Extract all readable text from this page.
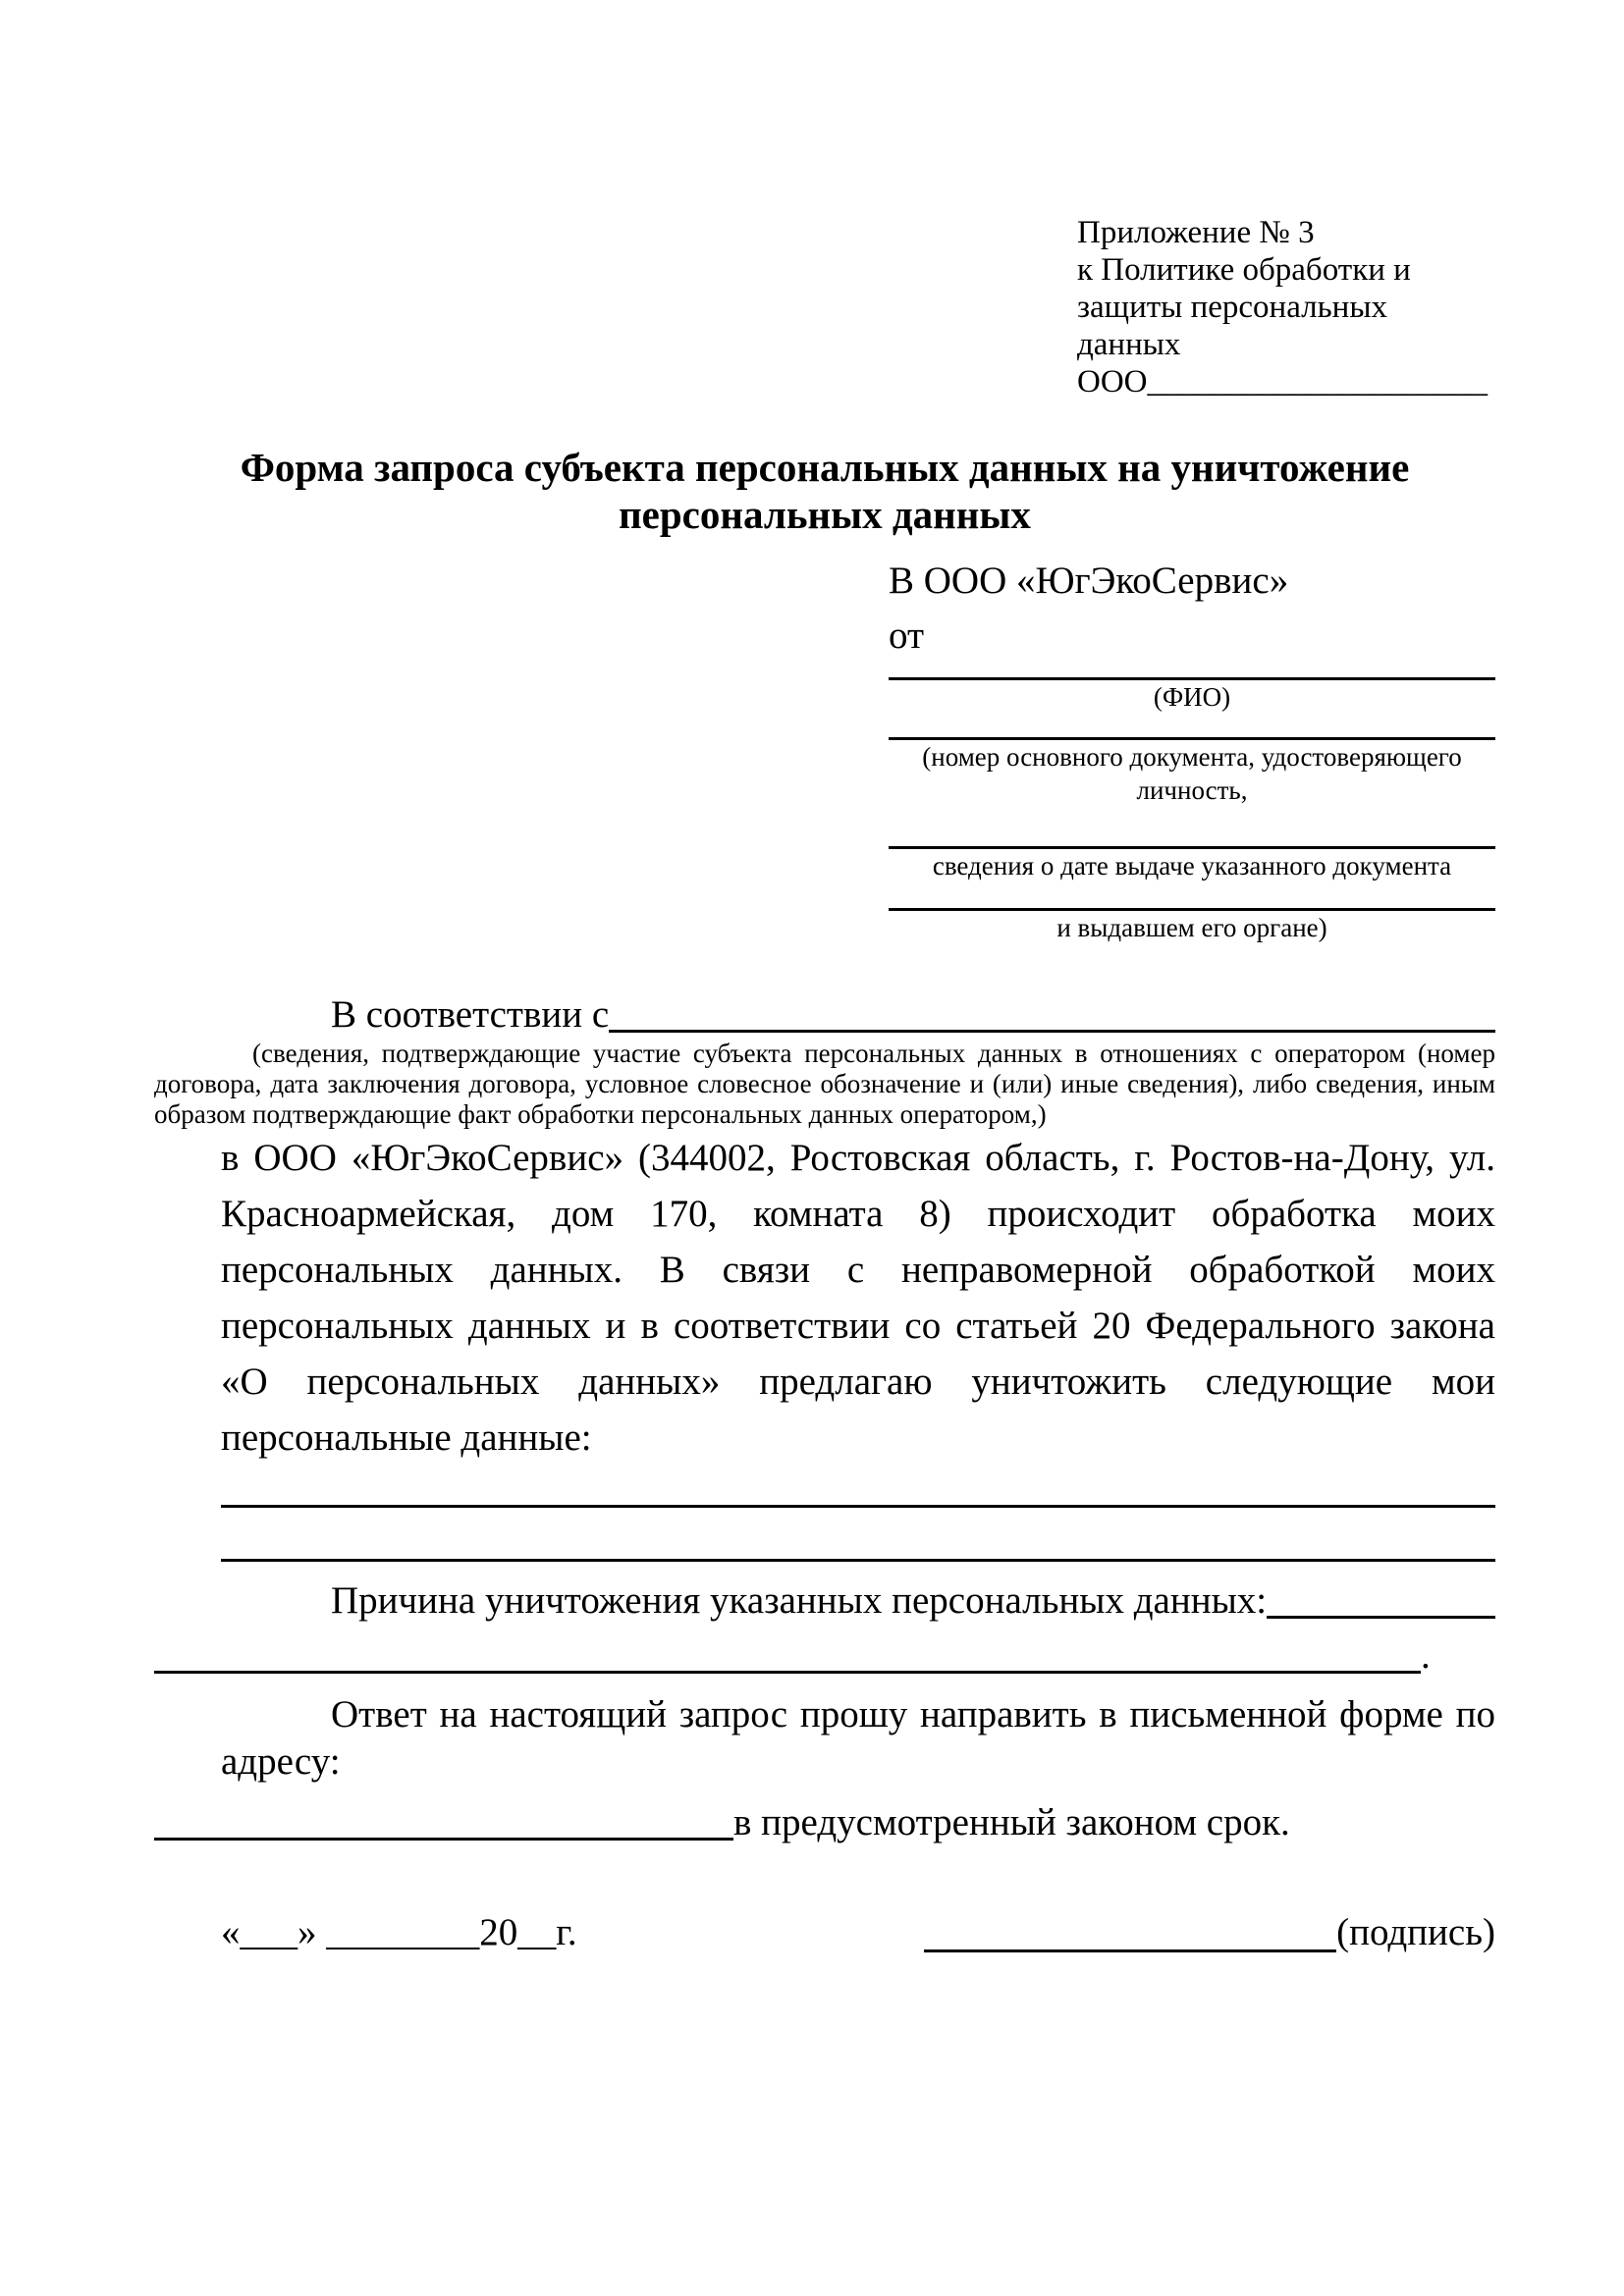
Приложение № 3
к Политике обработки и
защиты персональных данных
ООО _____________________
Форма запроса субъекта персональных данных на уничтожение
персональных данных
В ООО «ЮгЭкоСервис»
от
(ФИО)
(номер основного документа, удостоверяющего личность,
сведения о дате выдаче указанного документа
и выдавшем его органе)
В соответствии с
(сведения, подтверждающие участие субъекта персональных данных в отношениях с оператором (номер договора, дата заключения договора, условное словесное обозначение и (или) иные сведения), либо сведения, иным образом подтверждающие факт обработки персональных данных оператором,)
в ООО «ЮгЭкоСервис» (344002, Ростовская область, г. Ростов-на-Дону, ул. Красноармейская, дом 170, комната 8) происходит обработка моих персональных данных. В связи с неправомерной обработкой моих персональных данных и в соответствии со статьей 20 Федерального закона «О персональных данных» предлагаю уничтожить следующие мои персональные данные:
Причина уничтожения указанных персональных данных:
.
Ответ на настоящий запрос прошу направить в письменной форме по адресу:
в предусмотренный законом срок.
«___» ________20__г.	(подпись)
